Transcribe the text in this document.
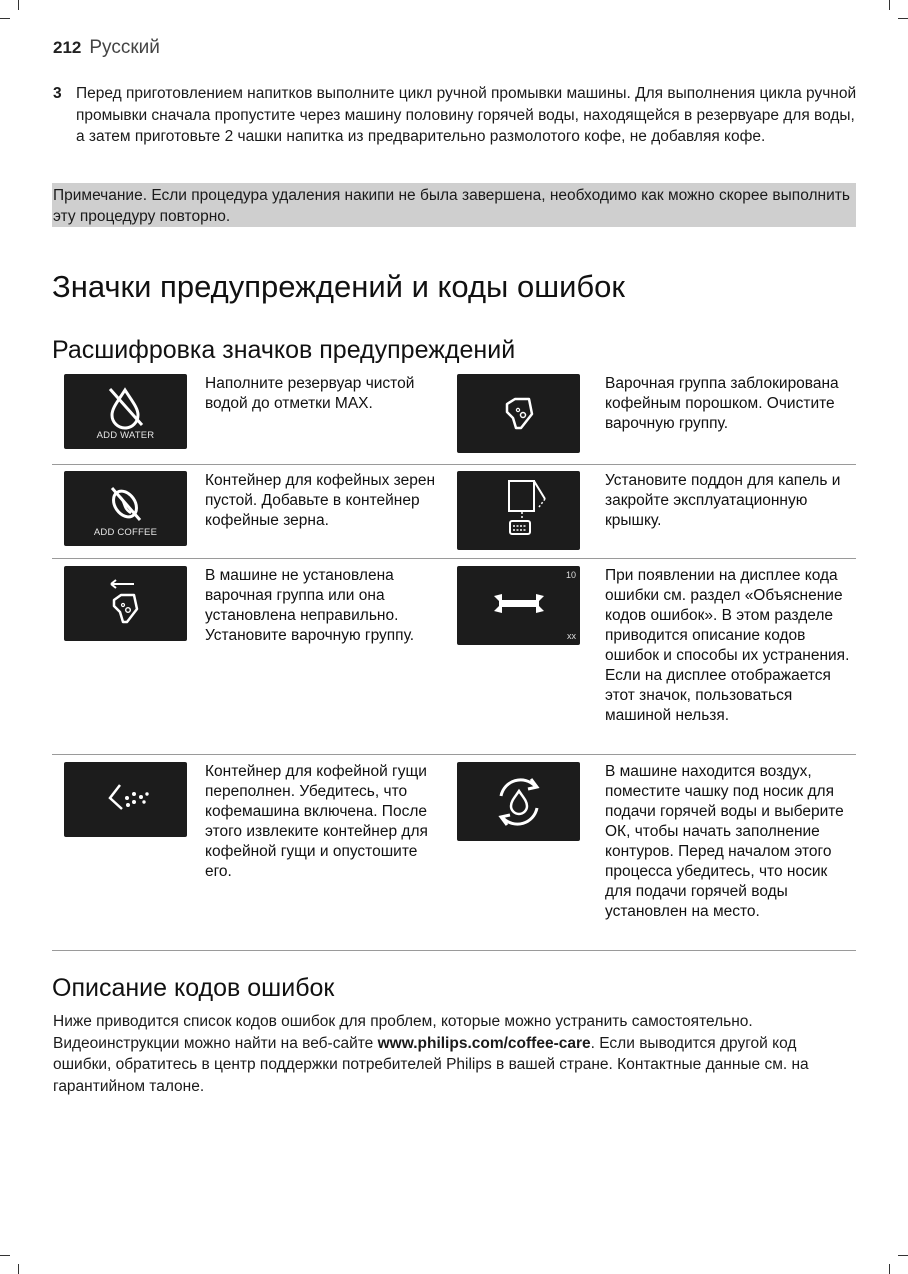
212 Русский
3 Перед приготовлением напитков выполните цикл ручной промывки машины. Для выполнения цикла ручной промывки сначала пропустите через машину половину горячей воды, находящейся в резервуаре для воды, а затем приготовьте 2 чашки напитка из предварительно размолотого кофе, не добавляя кофе.
Примечание. Если процедура удаления накипи не была завершена, необходимо как можно скорее выполнить эту процедуру повторно.
Значки предупреждений и коды ошибок
Расшифровка значков предупреждений
ADD WATER
Наполните резервуар чистой водой до отметки MAX.
Варочная группа заблокирована кофейным порошком. Очистите варочную группу.
ADD COFFEE
Контейнер для кофейных зерен пустой. Добавьте в контейнер кофейные зерна.
Установите поддон для капель и закройте эксплуатационную крышку.
В машине не установлена варочная группа или она установлена неправильно. Установите варочную группу.
10
xx
При появлении на дисплее кода ошибки см. раздел «Объяснение кодов ошибок». В этом разделе приводится описание кодов ошибок и способы их устранения. Если на дисплее отображается этот значок, пользоваться машиной нельзя.
Контейнер для кофейной гущи переполнен. Убедитесь, что кофемашина включена. После этого извлеките контейнер для кофейной гущи и опустошите его.
В машине находится воздух, поместите чашку под носик для подачи горячей воды и выберите ОК, чтобы начать заполнение контуров. Перед началом этого процесса убедитесь, что носик для подачи горячей воды установлен на место.
Описание кодов ошибок
Ниже приводится список кодов ошибок для проблем, которые можно устранить самостоятельно. Видеоинструкции можно найти на веб-сайте www.philips.com/coffee-care. Если выводится другой код ошибки, обратитесь в центр поддержки потребителей Philips в вашей стране. Контактные данные см. на гарантийном талоне.
